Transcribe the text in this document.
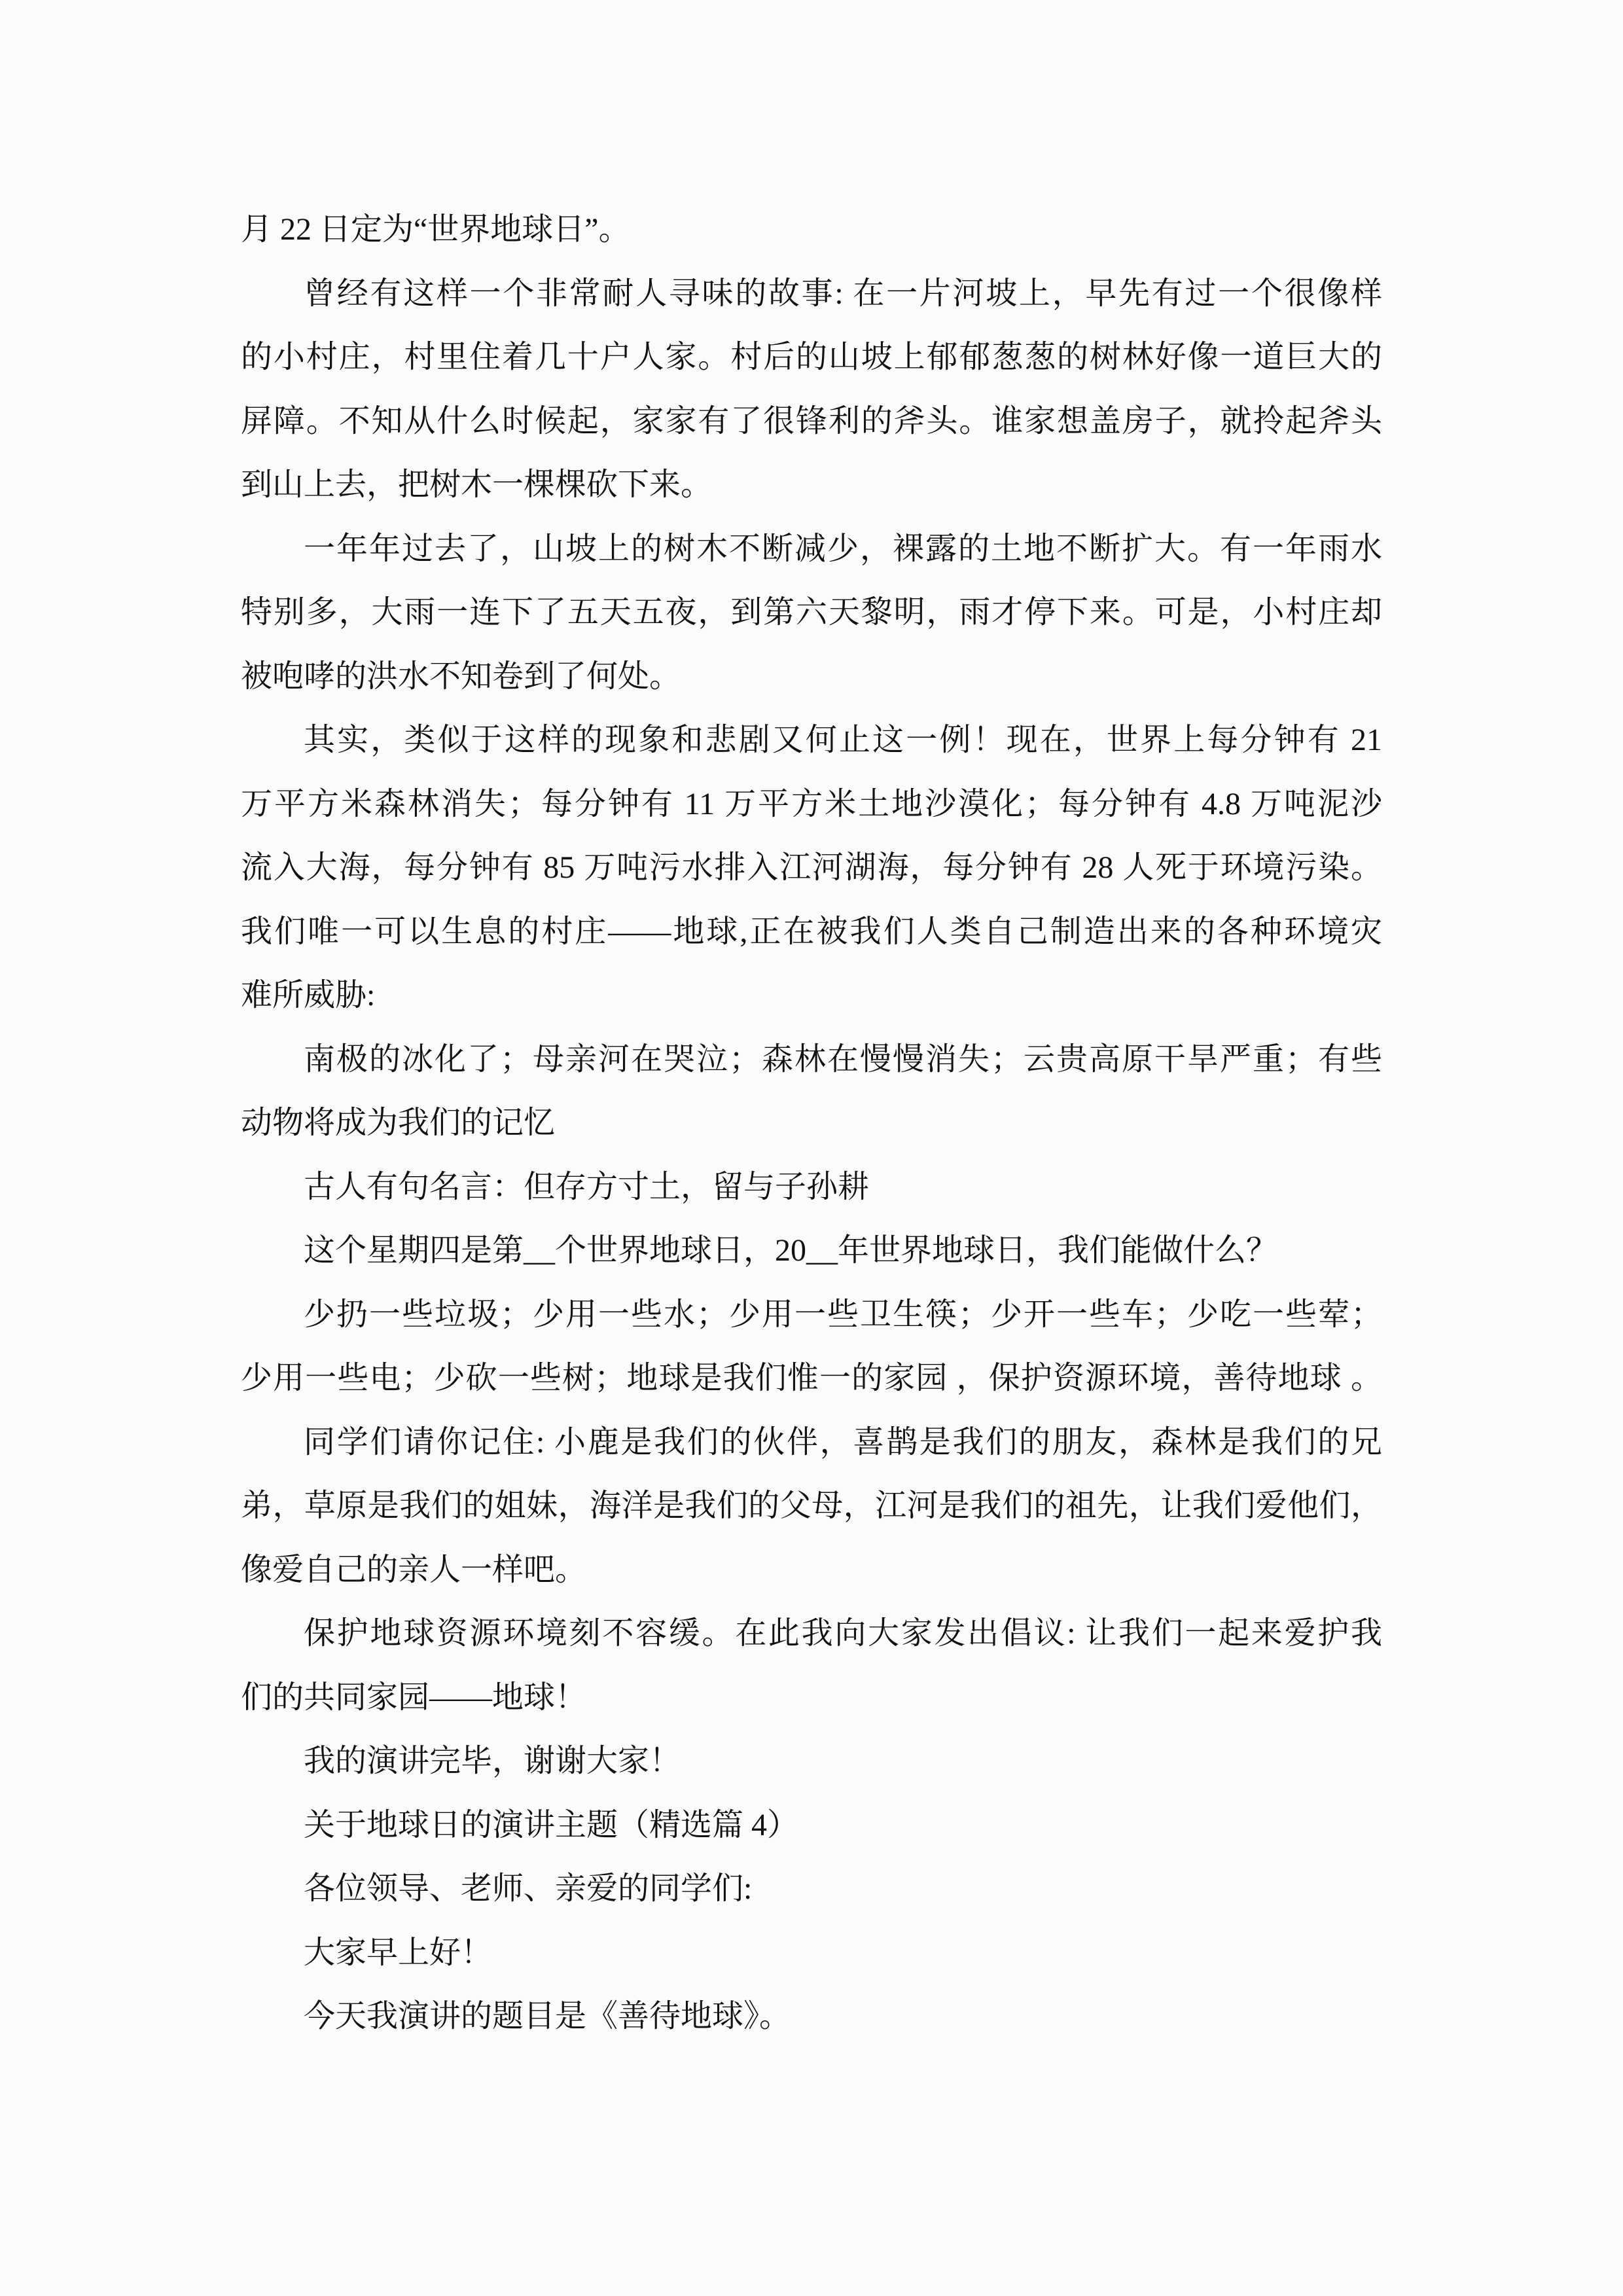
月 22 日定为“世界地球日”。
曾经有这样一个非常耐人寻味的故事: 在一片河坡上，早先有过一个很像样
的小村庄，村里住着几十户人家。村后的山坡上郁郁葱葱的树林好像一道巨大的
屏障。不知从什么时候起，家家有了很锋利的斧头。谁家想盖房子，就拎起斧头
到山上去，把树木一棵棵砍下来。
一年年过去了，山坡上的树木不断减少，裸露的土地不断扩大。有一年雨水
特别多，大雨一连下了五天五夜，到第六天黎明，雨才停下来。可是，小村庄却
被咆哮的洪水不知卷到了何处。
其实，类似于这样的现象和悲剧又何止这一例！现在，世界上每分钟有 21
万平方米森林消失；每分钟有 11 万平方米土地沙漠化；每分钟有 4.8 万吨泥沙
流入大海，每分钟有 85 万吨污水排入江河湖海，每分钟有 28 人死于环境污染。
我们唯一可以生息的村庄——地球,正在被我们人类自己制造出来的各种环境灾
难所威胁:
南极的冰化了；母亲河在哭泣；森林在慢慢消失；云贵高原干旱严重；有些
动物将成为我们的记忆
古人有句名言：但存方寸土，留与子孙耕
这个星期四是第__个世界地球日，20__年世界地球日，我们能做什么？
少扔一些垃圾；少用一些水；少用一些卫生筷；少开一些车；少吃一些荤；
少用一些电；少砍一些树；地球是我们惟一的家园 ，保护资源环境，善待地球 。
同学们请你记住: 小鹿是我们的伙伴，喜鹊是我们的朋友，森林是我们的兄
弟，草原是我们的姐妹，海洋是我们的父母，江河是我们的祖先，让我们爱他们，
像爱自己的亲人一样吧。
保护地球资源环境刻不容缓。在此我向大家发出倡议: 让我们一起来爱护我
们的共同家园——地球！
我的演讲完毕，谢谢大家！
关于地球日的演讲主题（精选篇 4）
各位领导、老师、亲爱的同学们:
大家早上好！
今天我演讲的题目是《善待地球》。
